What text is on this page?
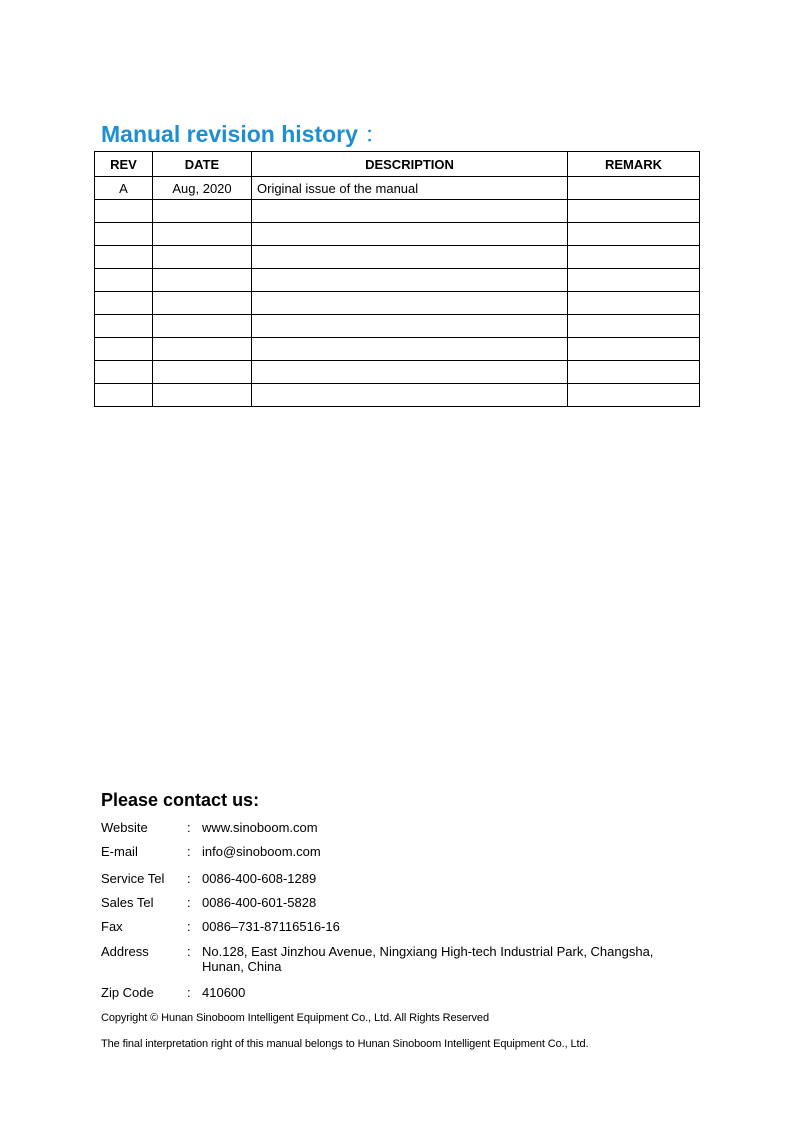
Manual revision history ：
REV	DATE	DESCRIPTION	REMARK
A	Aug, 2020	Original issue of the manual	

Please contact us:
Website	: www.sinoboom.com
E-mail	: info@sinoboom.com
Service Tel	: 0086-400-608-1289
Sales Tel	: 0086-400-601-5828
Fax	: 0086–731-87116516-16
Address	: No.128, East Jinzhou Avenue, Ningxiang High-tech Industrial Park, Changsha,
Hunan, China
Zip Code	: 410600
Copyright © Hunan Sinoboom Intelligent Equipment Co., Ltd. All Rights Reserved
The final interpretation right of this manual belongs to Hunan Sinoboom Intelligent Equipment Co., Ltd.
